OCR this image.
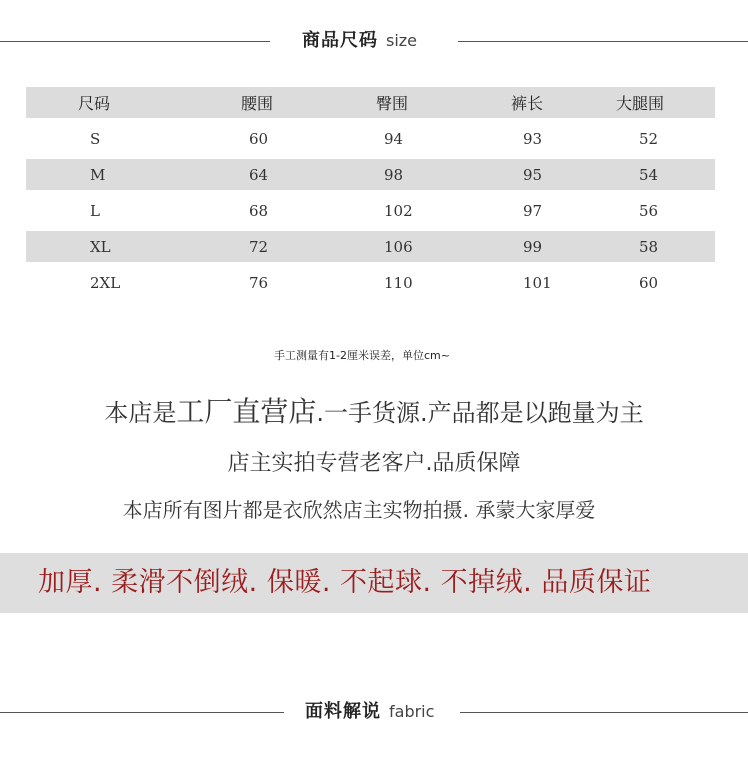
商品尺码 size
尺码	腰围	臀围	裤长	大腿围
S	60	94	93	52
M	64	98	95	54
L	68	102	97	56
XL	72	106	99	58
2XL	76	110	101	60
手工测量有1-2厘米误差，单位cm~
本店是工厂直营店.一手货源.产品都是以跑量为主
店主实拍专营老客户.品质保障
本店所有图片都是衣欣然店主实物拍摄. 承蒙大家厚爱
加厚. 柔滑不倒绒. 保暖. 不起球. 不掉绒. 品质保证
面料解说 fabric
